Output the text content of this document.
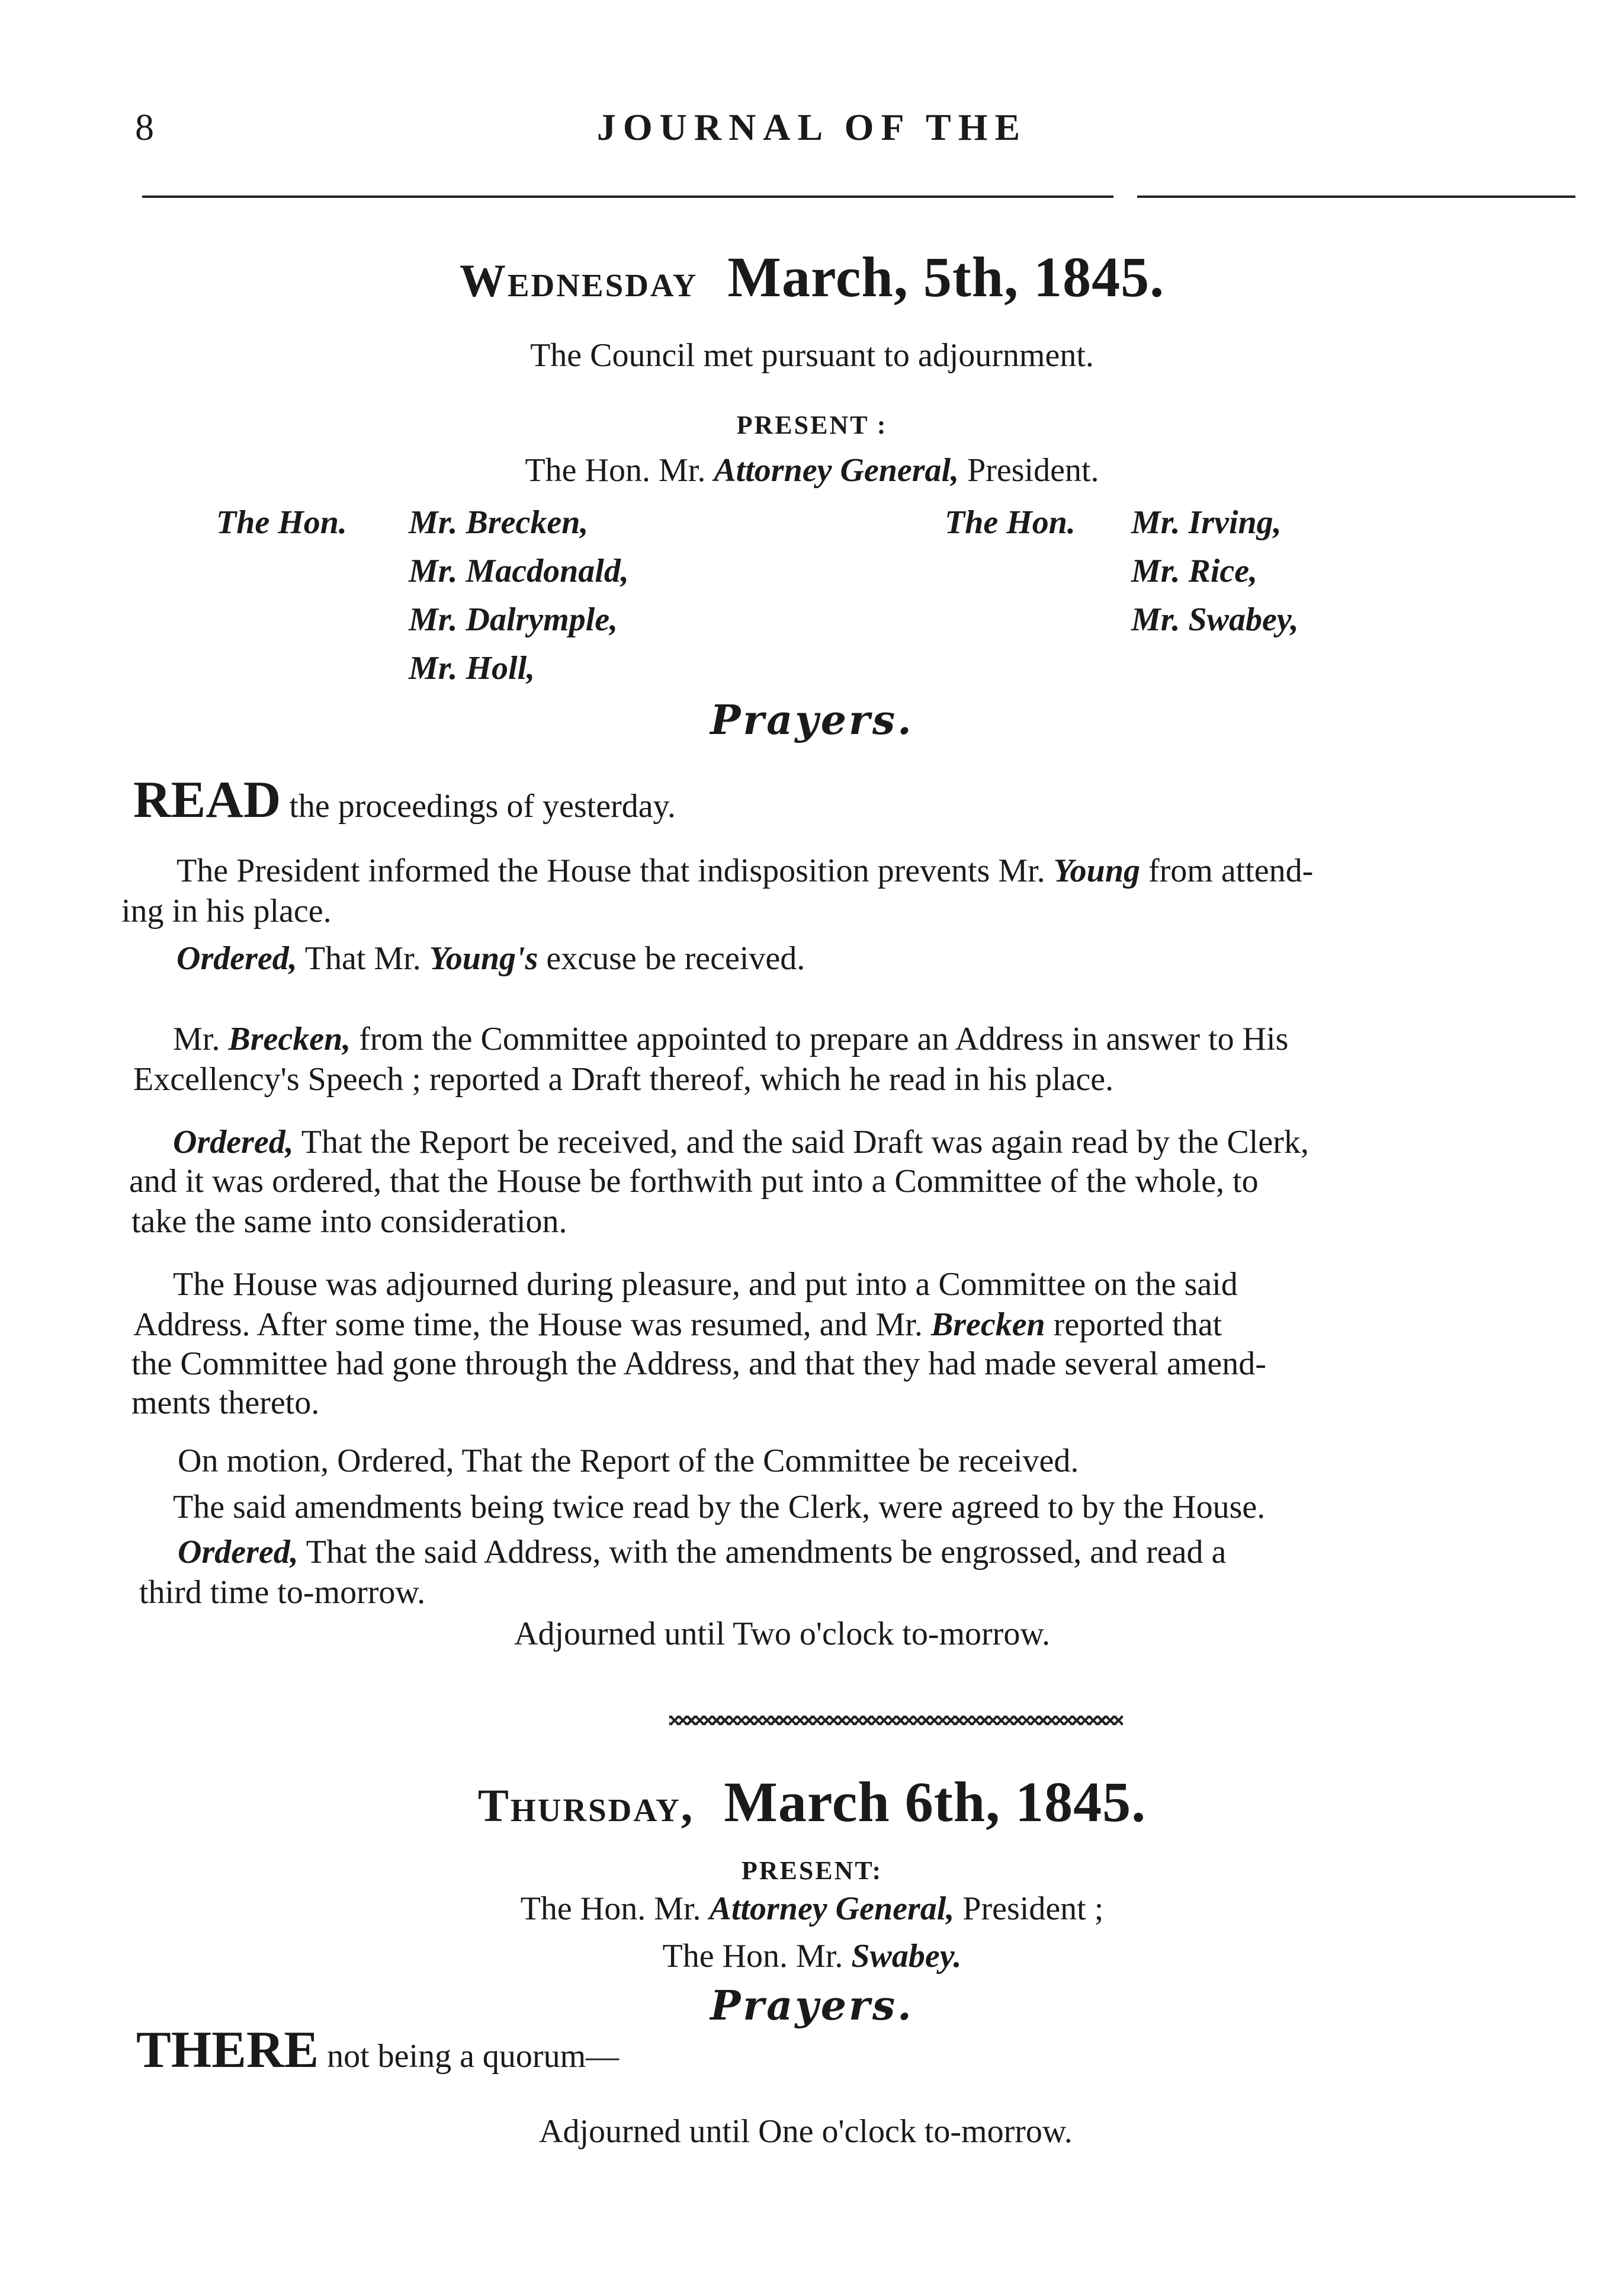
8	JOURNAL OF THE
Wednesday March, 5th, 1845.
The Council met pursuant to adjournment.
PRESENT :
The Hon. Mr. Attorney General, President.
The Hon. Mr. Brecken,
Mr. Macdonald,
Mr. Dalrymple,
Mr. Holl,
The Hon. Mr. Irving,
Mr. Rice,
Mr. Swabey,
Prayers.
READ the proceedings of yesterday.
The President informed the House that indisposition prevents Mr. Young from attend-
ing in his place.
Ordered, That Mr. Young's excuse be received.
Mr. Brecken, from the Committee appointed to prepare an Address in answer to His
Excellency's Speech ; reported a Draft thereof, which he read in his place.
Ordered, That the Report be received, and the said Draft was again read by the Clerk,
and it was ordered, that the House be forthwith put into a Committee of the whole, to
take the same into consideration.
The House was adjourned during pleasure, and put into a Committee on the said
Address. After some time, the House was resumed, and Mr. Brecken reported that
the Committee had gone through the Address, and that they had made several amend-
ments thereto.
On motion, Ordered, That the Report of the Committee be received.
The said amendments being twice read by the Clerk, were agreed to by the House.
Ordered, That the said Address, with the amendments be engrossed, and read a
third time to-morrow.
Adjourned until Two o'clock to-morrow.
Thursday, March 6th, 1845.
PRESENT:
The Hon. Mr. Attorney General, President ;
The Hon. Mr. Swabey.
Prayers.
THERE not being a quorum—
Adjourned until One o'clock to-morrow.
